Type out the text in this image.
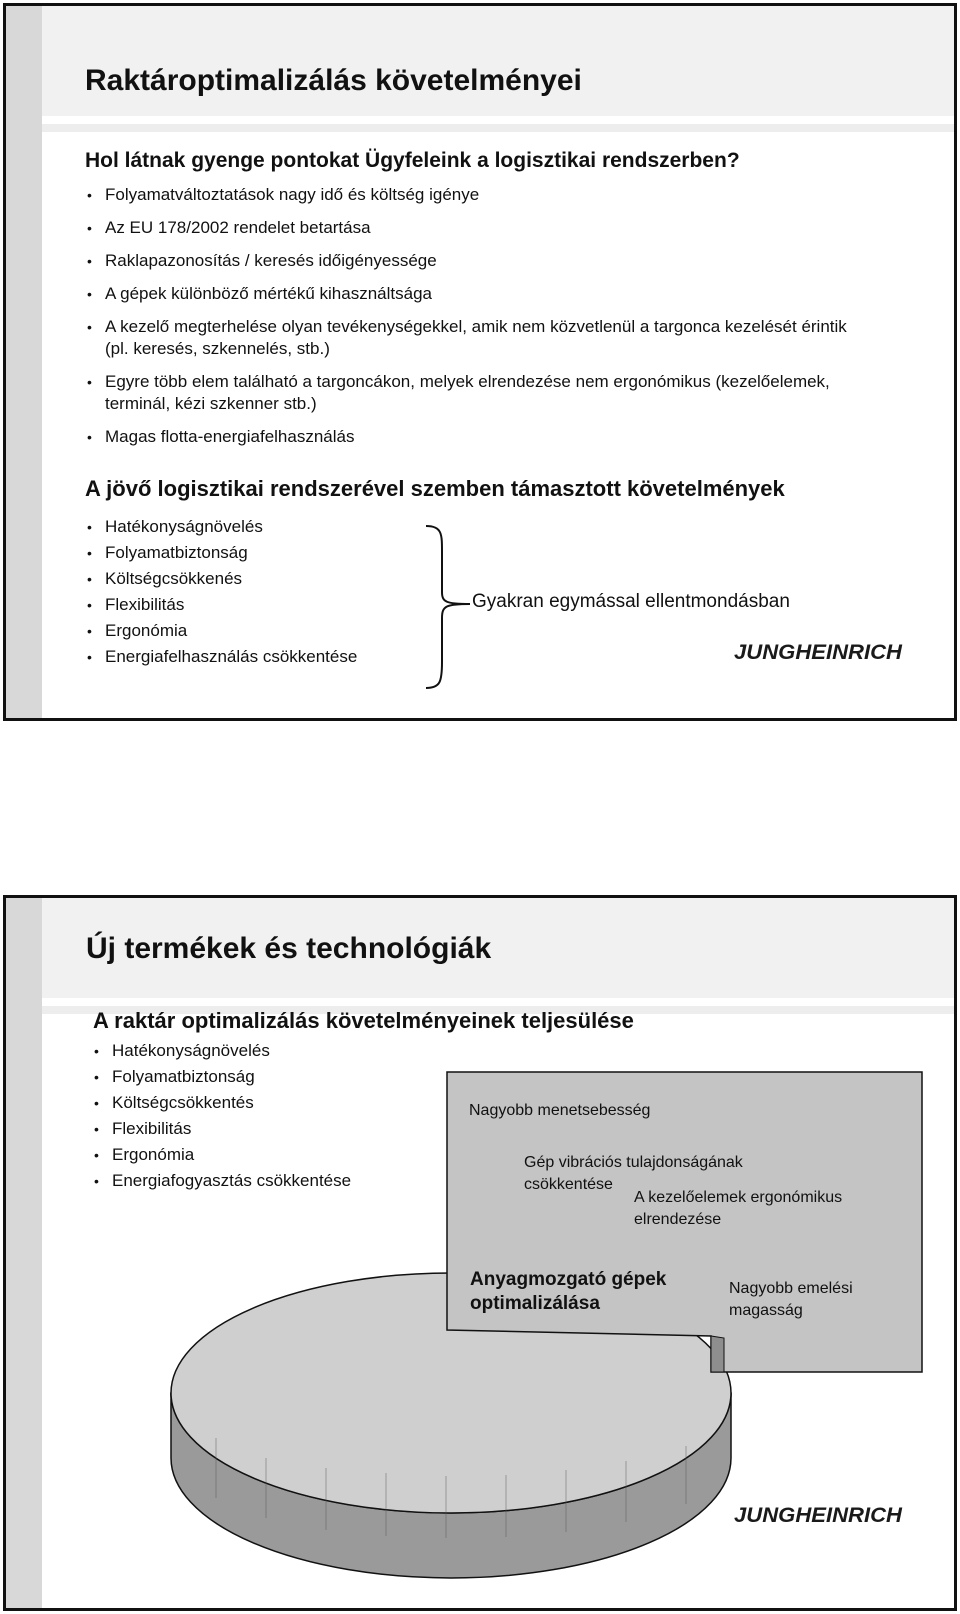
Raktároptimalizálás követelményei
Hol látnak gyenge pontokat Ügyfeleink a logisztikai rendszerben?
• Folyamatváltoztatások nagy idő és költség igénye
• Az EU 178/2002 rendelet betartása
• Raklapazonosítás / keresés időigényessége
• A gépek különböző mértékű kihasználtsága
• A kezelő megterhelése olyan tevékenységekkel, amik nem közvetlenül a targonca kezelését érintik (pl. keresés, szkennelés, stb.)
• Egyre több elem található a targoncákon, melyek elrendezése nem ergonómikus (kezelőelemek, terminál, kézi szkenner stb.)
• Magas flotta-energiafelhasználás
A jövő logisztikai rendszerével szemben támasztott követelmények
• Hatékonyságnövelés
• Folyamatbiztonság
• Költségcsökkenés
• Flexibilitás
• Ergonómia
• Energiafelhasználás csökkentése
Gyakran egymással ellentmondásban
JUNGHEINRICH
Új termékek és technológiák
A raktár optimalizálás követelményeinek teljesülése
• Hatékonyságnövelés
• Folyamatbiztonság
• Költségcsökkentés
• Flexibilitás
• Ergonómia
• Energiafogyasztás csökkentése
Nagyobb menetsebesség
Gép vibrációs tulajdonságának csökkentése
A kezelőelemek ergonómikus elrendezése
Anyagmozgató gépek optimalizálása
Nagyobb emelési magasság
JUNGHEINRICH
